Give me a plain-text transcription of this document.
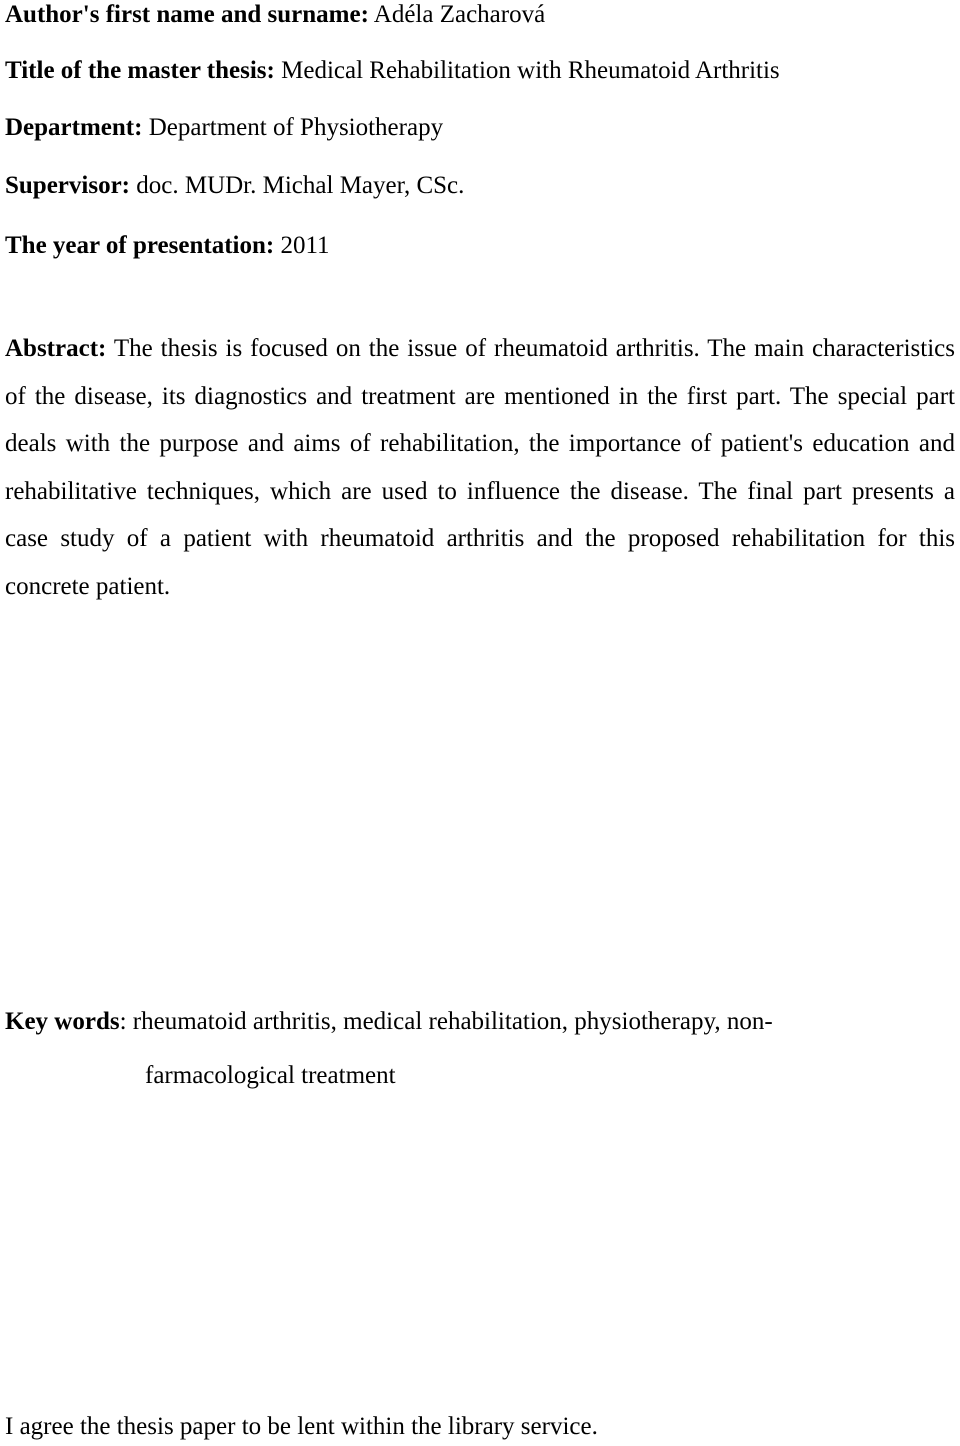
Author's first name and surname: Adéla Zacharová
Title of the master thesis: Medical Rehabilitation with Rheumatoid Arthritis
Department: Department of Physiotherapy
Supervisor: doc. MUDr. Michal Mayer, CSc.
The year of presentation: 2011

Abstract: The thesis is focused on the issue of rheumatoid arthritis. The main characteristics of the disease, its diagnostics and treatment are mentioned in the first part. The special part deals with the purpose and aims of rehabilitation, the importance of patient's education and rehabilitative techniques, which are used to influence the disease. The final part presents a case study of a patient with rheumatoid arthritis and the proposed rehabilitation for this concrete patient.

Key words: rheumatoid arthritis, medical rehabilitation, physiotherapy, non-
farmacological treatment

I agree the thesis paper to be lent within the library service.
